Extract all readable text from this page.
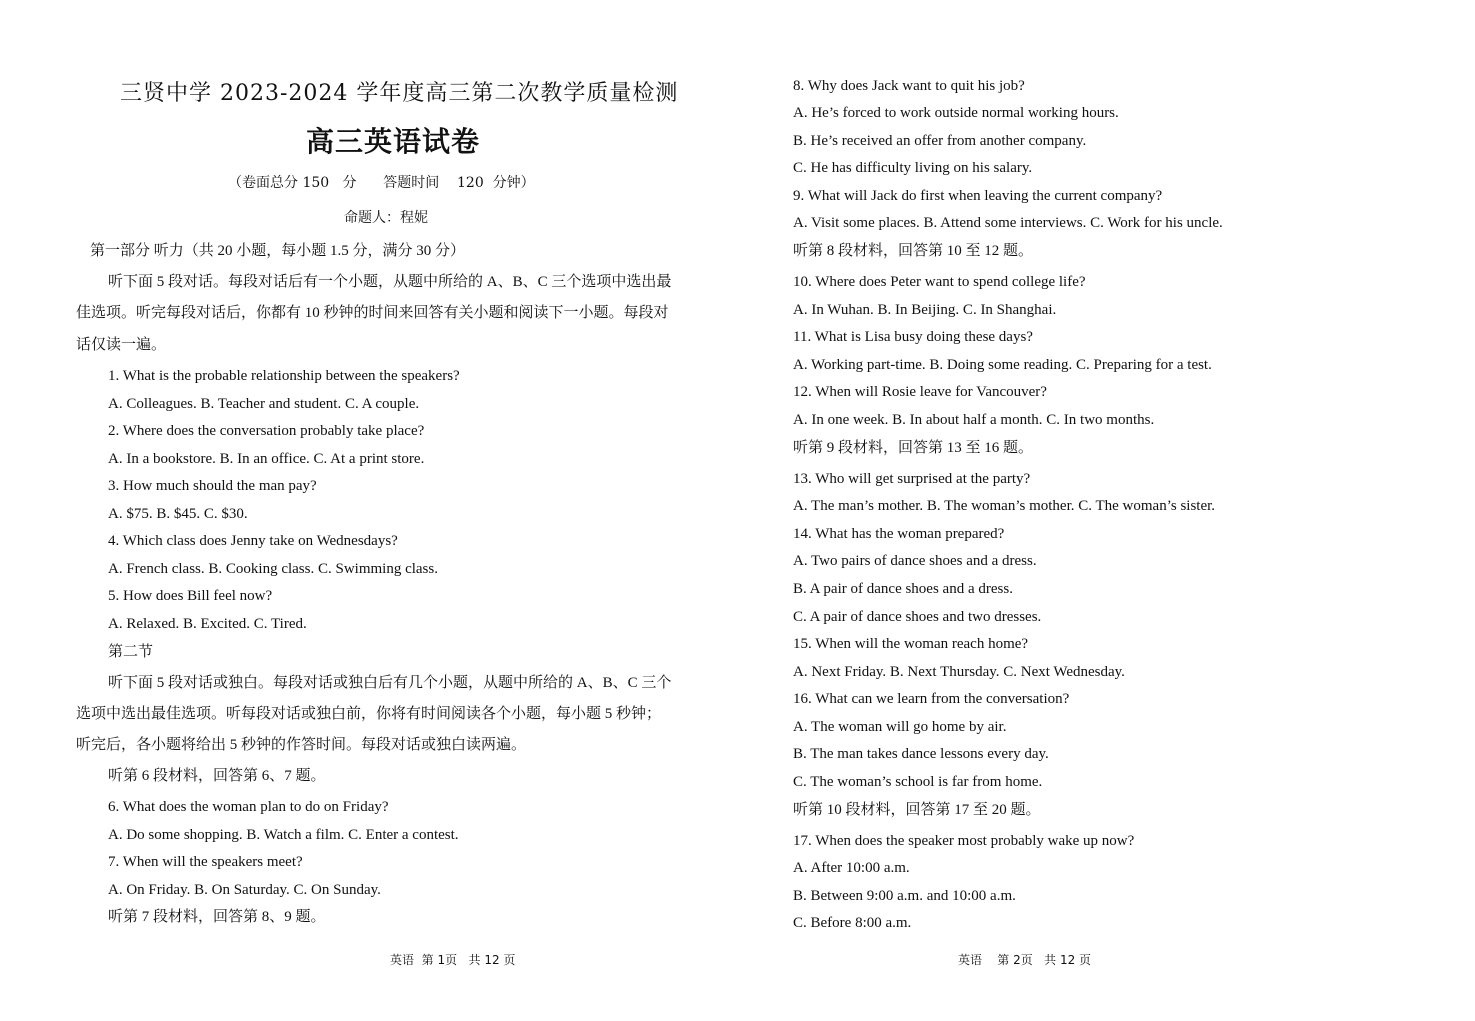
三贤中学 2023-2024 学年度高三第二次教学质量检测
高三英语试卷
（卷面总分 150   分      答题时间    120  分钟）
命题人：程妮
第一部分 听力（共 20 小题，每小题 1.5 分，满分 30 分）
听下面 5 段对话。每段对话后有一个小题，从题中所给的 A、B、C 三个选项中选出最
佳选项。听完每段对话后，你都有 10 秒钟的时间来回答有关小题和阅读下一小题。每段对
话仅读一遍。
1. What is the probable relationship between the speakers?
A. Colleagues. B. Teacher and student. C. A couple.
2. Where does the conversation probably take place?
A. In a bookstore. B. In an office. C. At a print store.
3. How much should the man pay?
A. $75. B. $45. C. $30.
4. Which class does Jenny take on Wednesdays?
A. French class. B. Cooking class. C. Swimming class.
5. How does Bill feel now?
A. Relaxed. B. Excited. C. Tired.
第二节
听下面 5 段对话或独白。每段对话或独白后有几个小题，从题中所给的 A、B、C 三个
选项中选出最佳选项。听每段对话或独白前，你将有时间阅读各个小题，每小题 5 秒钟；
听完后，各小题将给出 5 秒钟的作答时间。每段对话或独白读两遍。
听第 6 段材料，回答第 6、7 题。
6. What does the woman plan to do on Friday?
A. Do some shopping. B. Watch a film. C. Enter a contest.
7. When will the speakers meet?
A. On Friday. B. On Saturday. C. On Sunday.
听第 7 段材料，回答第 8、9 题。
英语  第 1页   共 12 页
8. Why does Jack want to quit his job?
A. He’s forced to work outside normal working hours.
B. He’s received an offer from another company.
C. He has difficulty living on his salary.
9. What will Jack do first when leaving the current company?
A. Visit some places. B. Attend some interviews. C. Work for his uncle.
听第 8 段材料，回答第 10 至 12 题。
10. Where does Peter want to spend college life?
A. In Wuhan. B. In Beijing. C. In Shanghai.
11. What is Lisa busy doing these days?
A. Working part-time. B. Doing some reading. C. Preparing for a test.
12. When will Rosie leave for Vancouver?
A. In one week. B. In about half a month. C. In two months.
听第 9 段材料，回答第 13 至 16 题。
13. Who will get surprised at the party?
A. The man’s mother. B. The woman’s mother. C. The woman’s sister.
14. What has the woman prepared?
A. Two pairs of dance shoes and a dress.
B. A pair of dance shoes and a dress.
C. A pair of dance shoes and two dresses.
15. When will the woman reach home?
A. Next Friday. B. Next Thursday. C. Next Wednesday.
16. What can we learn from the conversation?
A. The woman will go home by air.
B. The man takes dance lessons every day.
C. The woman’s school is far from home.
听第 10 段材料，回答第 17 至 20 题。
17. When does the speaker most probably wake up now?
A. After 10:00 a.m.
B. Between 9:00 a.m. and 10:00 a.m.
C. Before 8:00 a.m.
英语    第 2页   共 12 页
